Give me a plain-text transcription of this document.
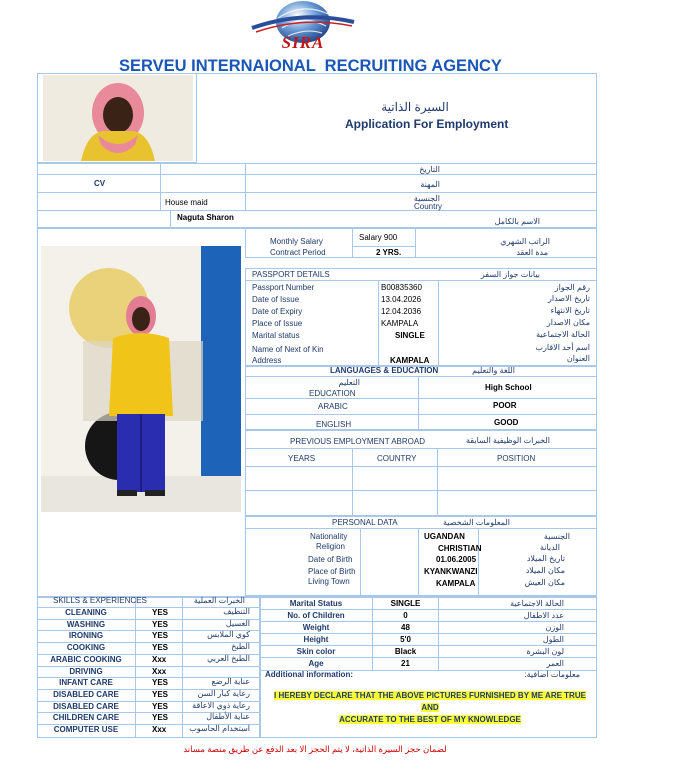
SIRA
SERVEU INTERNAIONAL  RECRUITING AGENCY
السيرة الذاتية
Application For Employment
التاريخ
CV	المهنة
House maid	الجنسية
Country
Naguta Sharon	الاسم بالكامل
Monthly Salary	Salary 900	الراتب الشهري
Contract Period	2 YRS.	مدة العقد
PASSPORT DETAILS	بيانات جواز السفر
Passport Number	B00835360	رقم الجواز
Date of Issue	13.04.2026	تاريخ الاصدار
Date of Expiry	12.04.2036	تاريخ الانتهاء
Place of Issue	KAMPALA	مكان الاصدار
Marital status	SINGLE	الحالة الاجتماعية
Name of Next of Kin	اسم أحد الاقارب
Address	KAMPALA	العنوان
LANGUAGES & EDUCATION	اللغة والتعليم
التعليم
EDUCATION
High School
ARABIC	POOR
ENGLISH	GOOD
PREVIOUS EMPLOYMENT ABROAD	الخبرات الوظيفية السابقة
YEARS	COUNTRY	POSITION
PERSONAL DATA	المعلومات الشخصية
Nationality	UGANDAN	الجنسية
Religion	CHRISTIAN	الديانة
Date of Birth	01.06.2005	تاريخ الميلاد
Place of Birth	KYANKWANZI	مكان الميلاد
Living Town	KAMPALA	مكان العيش
SKILLS & EXPERIENCES	الخبرات العملية
CLEANING	YES	التنظيف
WASHING	YES	الغسيل
IRONING	YES	كوي الملابس
COOKING	YES	الطبخ
ARABIC COOKING	Xxx	الطبخ العربي
DRIVING	Xxx
INFANT CARE	YES	عناية الرضع
DISABLED CARE	YES	رعاية كبار السن
DISABLED CARE	YES	رعاية ذوي الاعاقة
CHILDREN CARE	YES	عناية الأطفال
COMPUTER USE	Xxx	استخدام الحاسوب
Marital Status	SINGLE	الحالة الاجتماعية
No. of Children	0	عدد الاطفال
Weight	48	الوزن
Height	5'0	الطول
Skin color	Black	لون البشرة
Age	21	العمر
Additional information:	معلومات اضافية:
I HEREBY DECLARE THAT THE ABOVE PICTURES FURNISHED BY ME ARE TRUE AND
ACCURATE TO THE BEST OF MY KNOWLEDGE
لضمان حجز السيرة الذاتية، لا يتم الحجز الا بعد الدفع عن طريق منصة مساند
